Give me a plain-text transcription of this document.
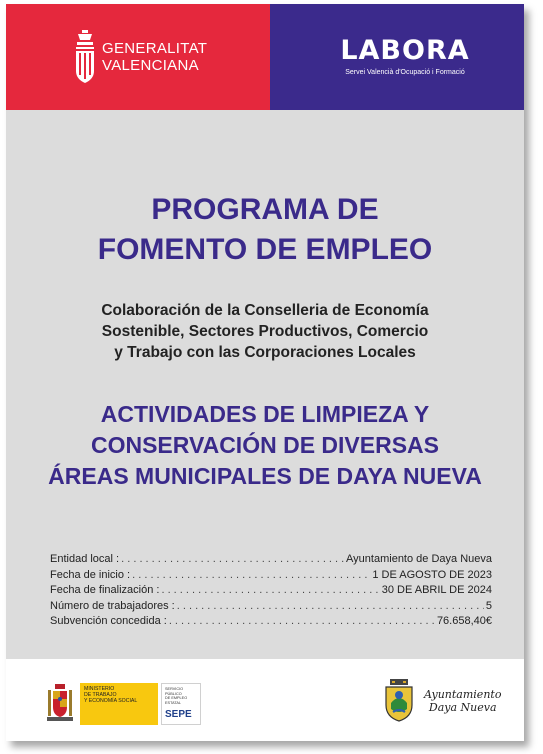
GENERALITAT
VALENCIANA	LABORA
Servei Valencià d'Ocupació i Formació
PROGRAMA DE
FOMENTO DE EMPLEO
Colaboración de la Conselleria de Economía
Sostenible, Sectores Productivos, Comercio
y Trabajo con las Corporaciones Locales
ACTIVIDADES DE LIMPIEZA Y
CONSERVACIÓN DE DIVERSAS
ÁREAS MUNICIPALES DE DAYA NUEVA
Entidad local : . . .	Ayuntamiento de Daya Nueva
Fecha de inicio : . . .	1 DE AGOSTO DE 2023
Fecha de finalización : . . .	30 DE ABRIL DE 2024
Número de trabajadores : . . .	5
Subvención concedida : . . .	76.658,40€
MINISTERIO
DE TRABAJO
Y ECONOMÍA SOCIAL
SERVICIO PÚBLICO
DE EMPLEO ESTATAL
SEPE
Ayuntamiento
Daya Nueva
